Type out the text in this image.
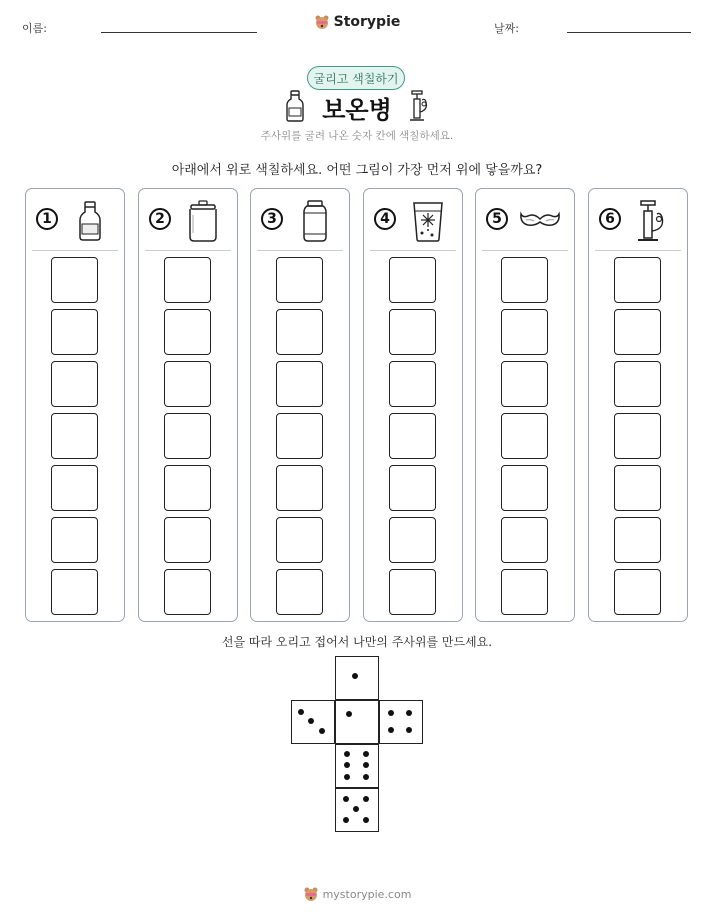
이름:	Storypie	날짜:
굴리고 색칠하기
보온병
주사위를 굴려 나온 숫자 칸에 색칠하세요.
아래에서 위로 색칠하세요. 어떤 그림이 가장 먼저 위에 닿을까요?
1	2	3	4	5	6
선을 따라 오리고 접어서 나만의 주사위를 만드세요.
mystorypie.com
